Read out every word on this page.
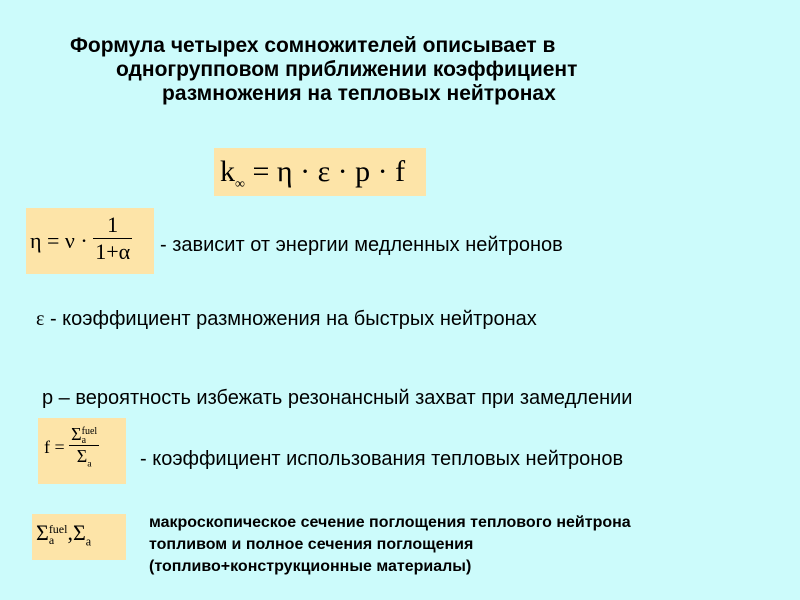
Формула четырех сомножителей описывает в
одногрупповом приближении коэффициент
размножения на тепловых нейтронах
$k_\infty = \eta \cdot \varepsilon \cdot p \cdot f$
$\eta = \nu \cdot \frac{1}{1+\alpha}$ - зависит от энергии медленных нейтронов
ε - коэффициент размножения на быстрых нейтронах
р – вероятность избежать резонансный захват при замедлении
f = Σ fuel
a
$\Sigma_a$ - коэффициент использования тепловых нейтронов
Σ fuel
a $,\Sigma_a$
макроскопическое сечение поглощения теплового нейтрона
топливом и полное сечения поглощения
(топливо+конструкционные материалы)
